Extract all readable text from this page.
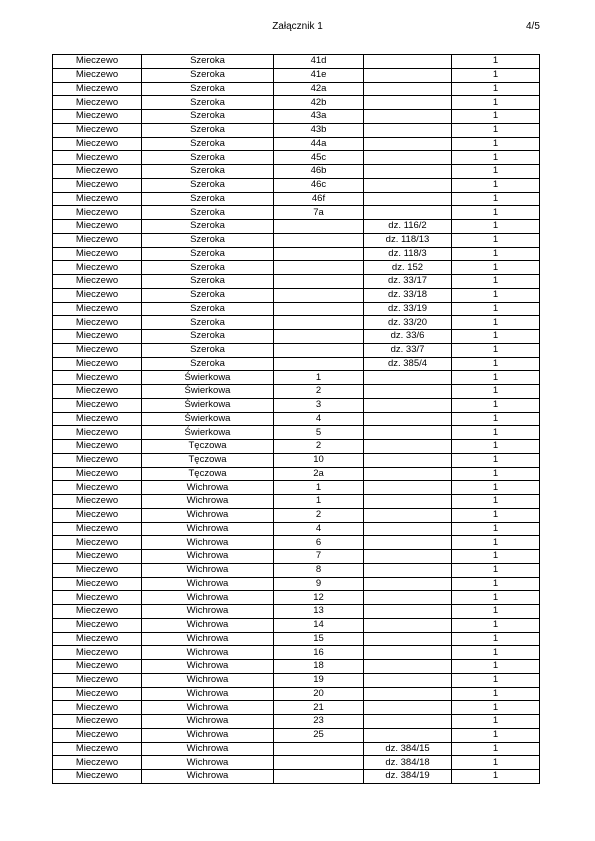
Załącznik 1	4/5
Mieczewo	Szeroka	41d		1
Mieczewo	Szeroka	41e		1
Mieczewo	Szeroka	42a		1
Mieczewo	Szeroka	42b		1
Mieczewo	Szeroka	43a		1
Mieczewo	Szeroka	43b		1
Mieczewo	Szeroka	44a		1
Mieczewo	Szeroka	45c		1
Mieczewo	Szeroka	46b		1
Mieczewo	Szeroka	46c		1
Mieczewo	Szeroka	46f		1
Mieczewo	Szeroka	7a		1
Mieczewo	Szeroka		dz. 116/2	1
Mieczewo	Szeroka		dz. 118/13	1
Mieczewo	Szeroka		dz. 118/3	1
Mieczewo	Szeroka		dz. 152	1
Mieczewo	Szeroka		dz. 33/17	1
Mieczewo	Szeroka		dz. 33/18	1
Mieczewo	Szeroka		dz. 33/19	1
Mieczewo	Szeroka		dz. 33/20	1
Mieczewo	Szeroka		dz. 33/6	1
Mieczewo	Szeroka		dz. 33/7	1
Mieczewo	Szeroka		dz. 385/4	1
Mieczewo	Świerkowa	1		1
Mieczewo	Świerkowa	2		1
Mieczewo	Świerkowa	3		1
Mieczewo	Świerkowa	4		1
Mieczewo	Świerkowa	5		1
Mieczewo	Tęczowa	2		1
Mieczewo	Tęczowa	10		1
Mieczewo	Tęczowa	2a		1
Mieczewo	Wichrowa	1		1
Mieczewo	Wichrowa	1		1
Mieczewo	Wichrowa	2		1
Mieczewo	Wichrowa	4		1
Mieczewo	Wichrowa	6		1
Mieczewo	Wichrowa	7		1
Mieczewo	Wichrowa	8		1
Mieczewo	Wichrowa	9		1
Mieczewo	Wichrowa	12		1
Mieczewo	Wichrowa	13		1
Mieczewo	Wichrowa	14		1
Mieczewo	Wichrowa	15		1
Mieczewo	Wichrowa	16		1
Mieczewo	Wichrowa	18		1
Mieczewo	Wichrowa	19		1
Mieczewo	Wichrowa	20		1
Mieczewo	Wichrowa	21		1
Mieczewo	Wichrowa	23		1
Mieczewo	Wichrowa	25		1
Mieczewo	Wichrowa		dz. 384/15	1
Mieczewo	Wichrowa		dz. 384/18	1
Mieczewo	Wichrowa		dz. 384/19	1
